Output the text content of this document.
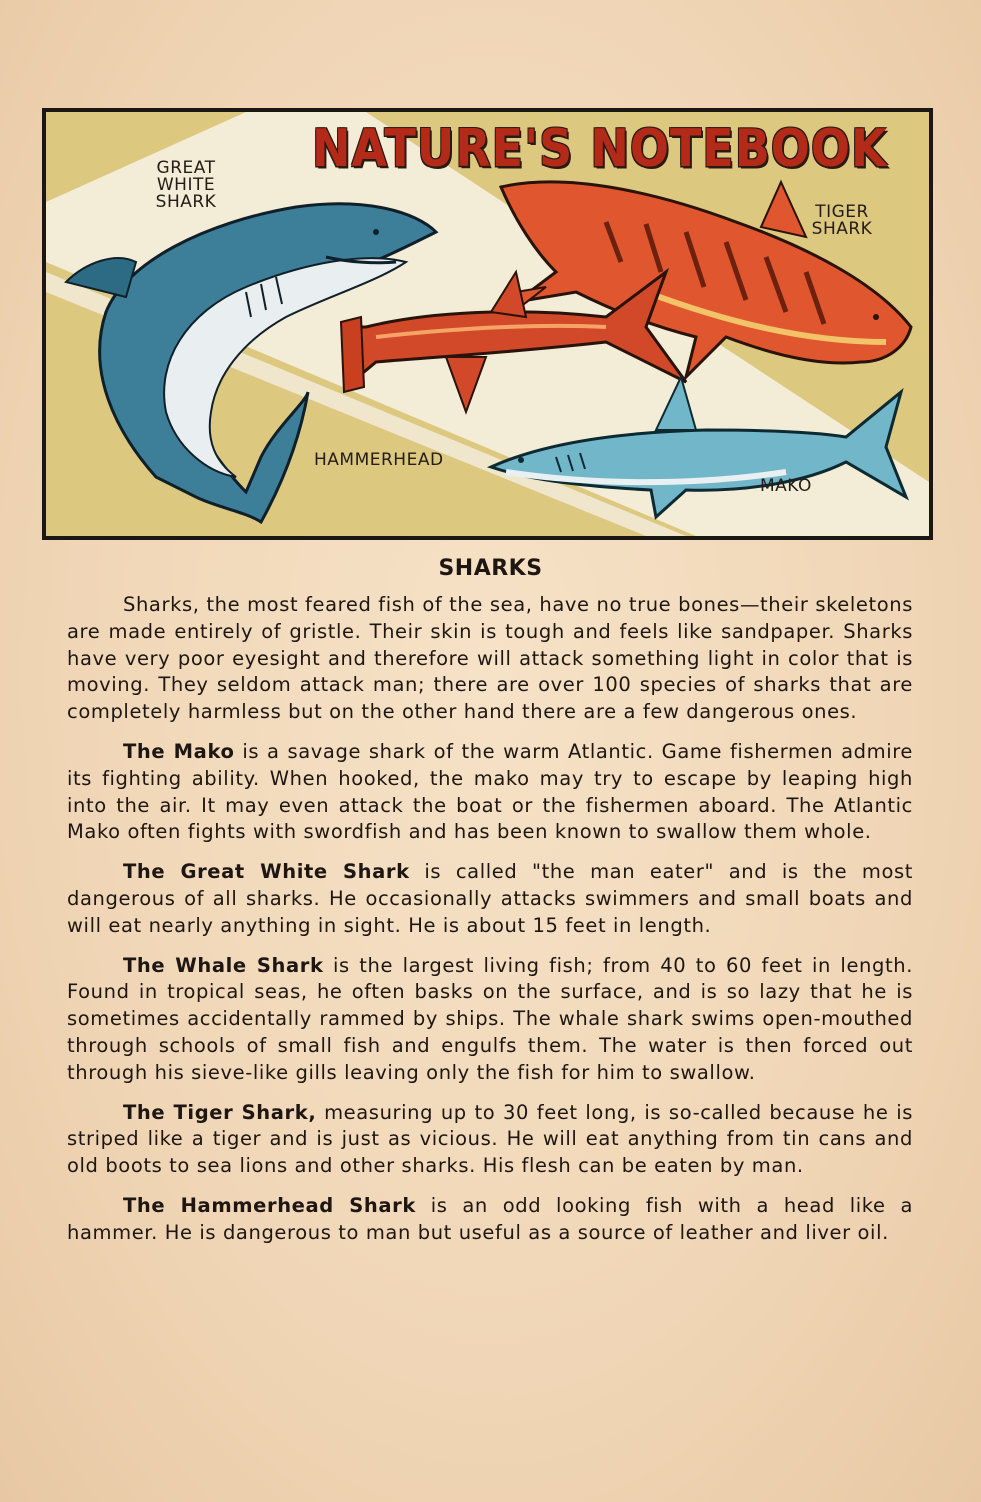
NATURE'S NOTEBOOK
GREAT
WHITE SHARK	TIGER
SHARK
HAMMERHEAD
MAKO
SHARKS

Sharks, the most feared fish of the sea, have no true bones—their skeletons are made entirely of gristle. Their skin is tough and feels like sandpaper. Sharks have very poor eyesight and therefore will attack something light in color that is moving. They seldom attack man; there are over 100 species of sharks that are completely harmless but on the other hand there are a few dangerous ones.

The Mako is a savage shark of the warm Atlantic. Game fishermen admire its fighting ability. When hooked, the mako may try to escape by leaping high into the air. It may even attack the boat or the fishermen aboard. The Atlantic Mako often fights with swordfish and has been known to swallow them whole.

The Great White Shark is called "the man eater" and is the most dangerous of all sharks. He occasionally attacks swimmers and small boats and will eat nearly anything in sight. He is about 15 feet in length.

The Whale Shark is the largest living fish; from 40 to 60 feet in length. Found in tropical seas, he often basks on the surface, and is so lazy that he is sometimes accidentally rammed by ships. The whale shark swims open-mouthed through schools of small fish and engulfs them. The water is then forced out through his sieve-like gills leaving only the fish for him to swallow.

The Tiger Shark, measuring up to 30 feet long, is so-called because he is striped like a tiger and is just as vicious. He will eat anything from tin cans and old boots to sea lions and other sharks. His flesh can be eaten by man.

The Hammerhead Shark is an odd looking fish with a head like a hammer. He is dangerous to man but useful as a source of leather and liver oil.
